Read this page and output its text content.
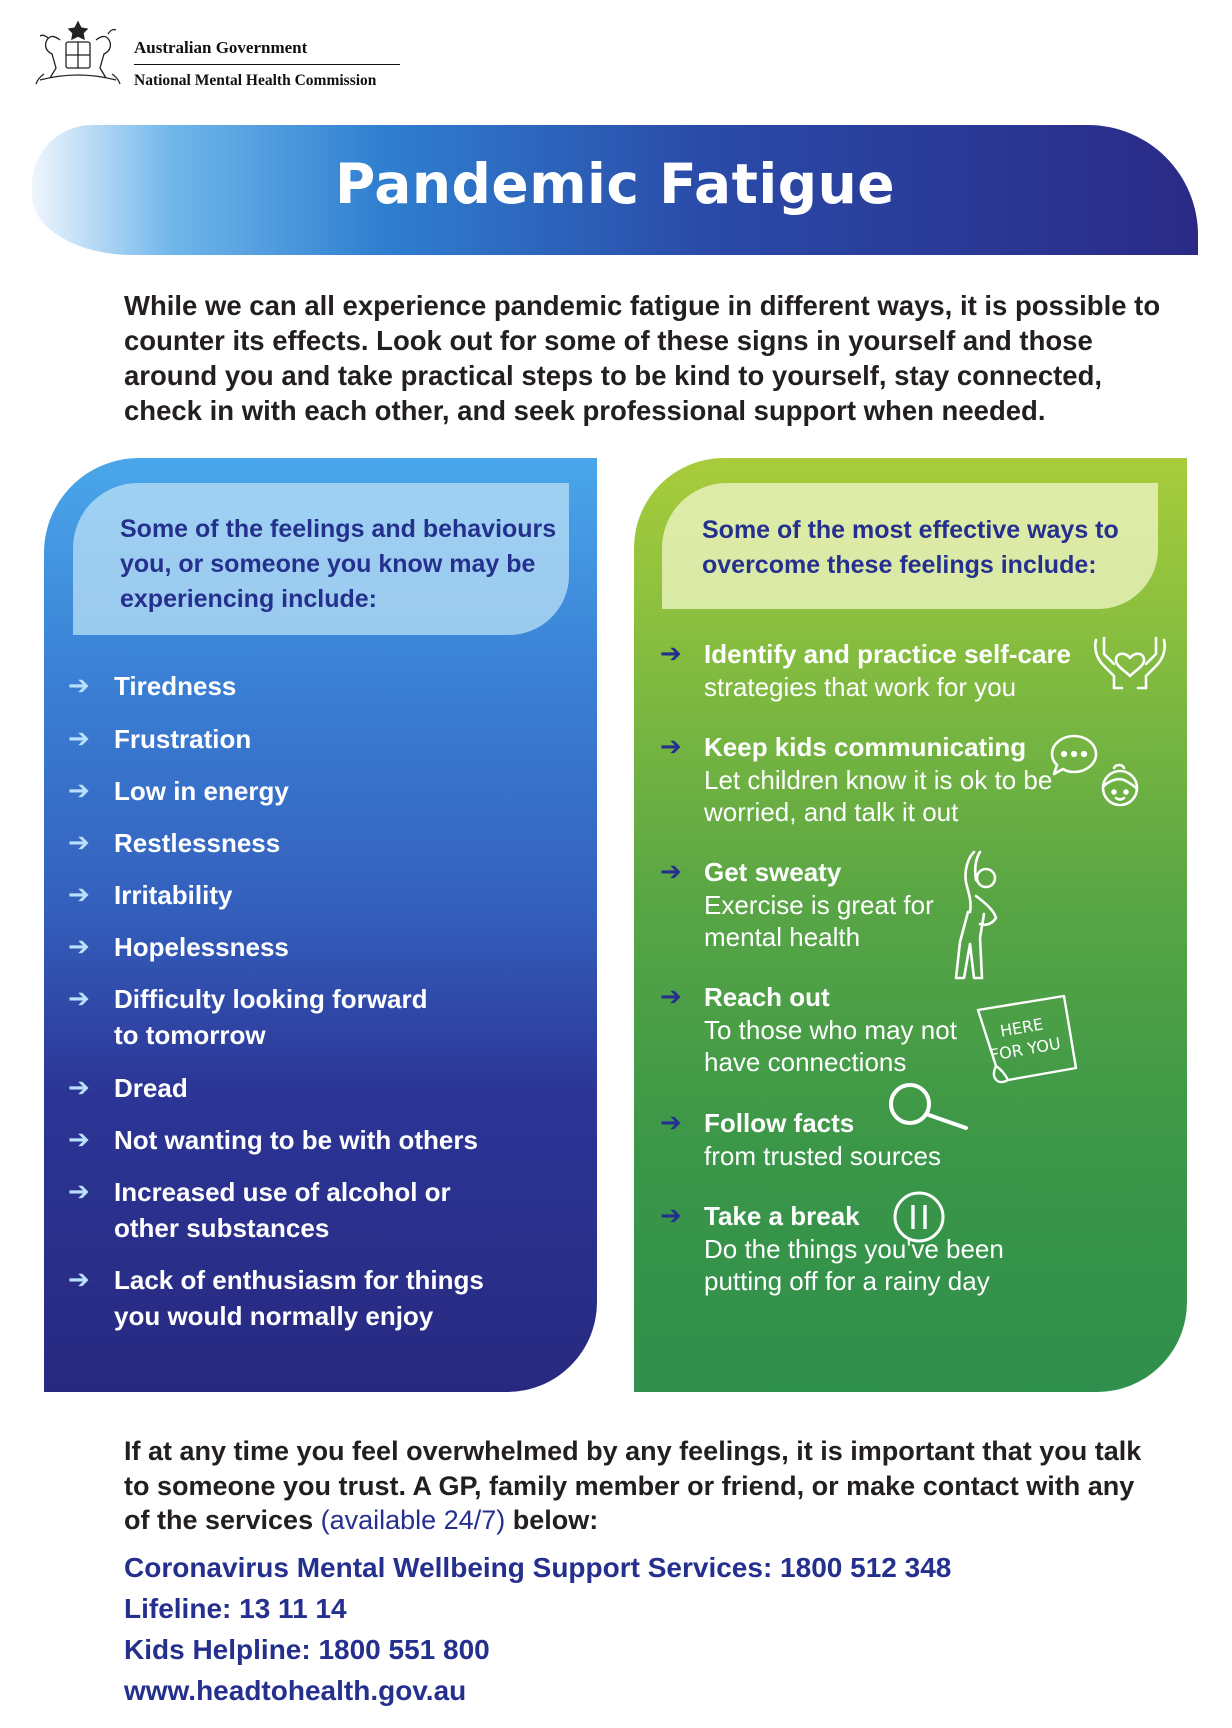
Australian Government
National Mental Health Commission
Pandemic Fatigue
While we can all experience pandemic fatigue in different ways, it is possible to counter its effects. Look out for some of these signs in yourself and those around you and take practical steps to be kind to yourself, stay connected, check in with each other, and seek professional support when needed.
Some of the feelings and behaviours you, or someone you know may be experiencing include:
➔ Tiredness
➔ Frustration
➔ Low in energy
➔ Restlessness
➔ Irritability
➔ Hopelessness
➔ Difficulty looking forward to tomorrow
➔ Dread
➔ Not wanting to be with others
➔ Increased use of alcohol or other substances
➔ Lack of enthusiasm for things you would normally enjoy
Some of the most effective ways to overcome these feelings include:
➔ Identify and practice self-care
strategies that work for you
➔ Keep kids communicating
Let children know it is ok to be worried, and talk it out
➔ Get sweaty
Exercise is great for mental health
➔ Reach out
To those who may not have connections
➔ Follow facts
from trusted sources
➔ Take a break
Do the things you've been putting off for a rainy day
HERE
FOR YOU
If at any time you feel overwhelmed by any feelings, it is important that you talk to someone you trust. A GP, family member or friend, or make contact with any of the services (available 24/7) below:
Coronavirus Mental Wellbeing Support Services: 1800 512 348
Lifeline: 13 11 14
Kids Helpline: 1800 551 800
www.headtohealth.gov.au
